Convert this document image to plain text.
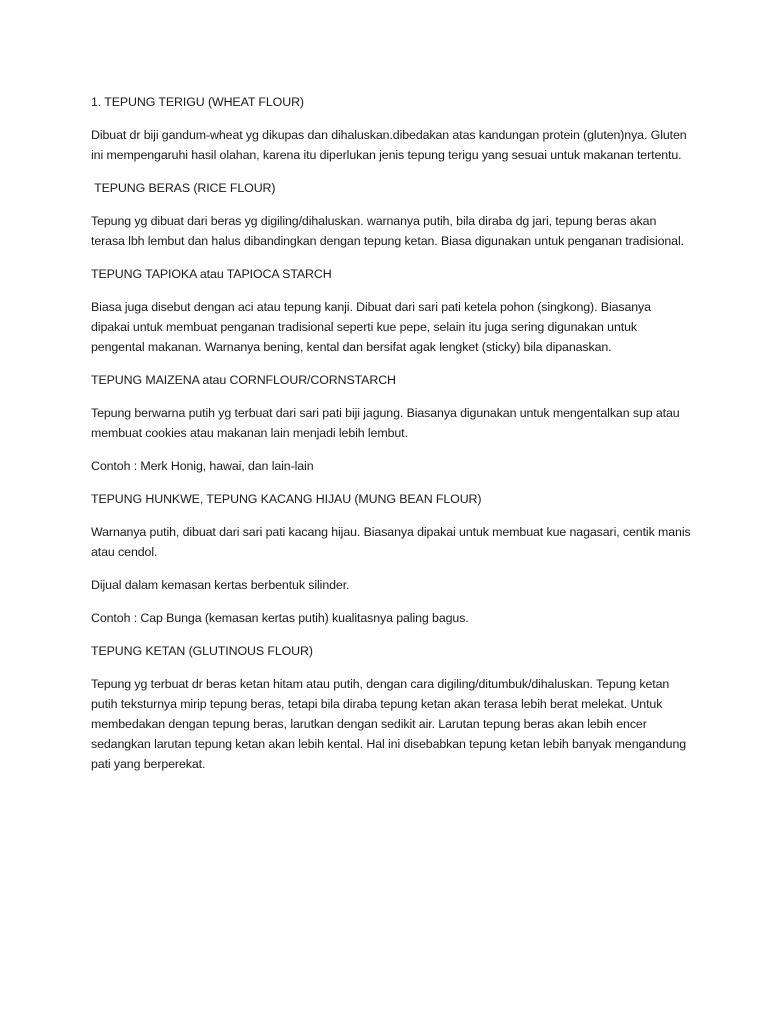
1. TEPUNG TERIGU (WHEAT FLOUR)

Dibuat dr biji gandum-wheat yg dikupas dan dihaluskan.dibedakan atas kandungan protein (gluten)nya. Gluten ini mempengaruhi hasil olahan, karena itu diperlukan jenis tepung terigu yang sesuai untuk makanan tertentu.

TEPUNG BERAS (RICE FLOUR)

Tepung yg dibuat dari beras yg digiling/dihaluskan. warnanya putih, bila diraba dg jari, tepung beras akan terasa lbh lembut dan halus dibandingkan dengan tepung ketan. Biasa digunakan untuk penganan tradisional.

TEPUNG TAPIOKA atau TAPIOCA STARCH

Biasa juga disebut dengan aci atau tepung kanji. Dibuat dari sari pati ketela pohon (singkong). Biasanya dipakai untuk membuat penganan tradisional seperti kue pepe, selain itu juga sering digunakan untuk pengental makanan. Warnanya bening, kental dan bersifat agak lengket (sticky) bila dipanaskan.

TEPUNG MAIZENA atau CORNFLOUR/CORNSTARCH

Tepung berwarna putih yg terbuat dari sari pati biji jagung. Biasanya digunakan untuk mengentalkan sup atau membuat cookies atau makanan lain menjadi lebih lembut.

Contoh : Merk Honig, hawai, dan lain-lain

TEPUNG HUNKWE, TEPUNG KACANG HIJAU (MUNG BEAN FLOUR)

Warnanya putih, dibuat dari sari pati kacang hijau. Biasanya dipakai untuk membuat kue nagasari, centik manis atau cendol.

Dijual dalam kemasan kertas berbentuk silinder.

Contoh : Cap Bunga (kemasan kertas putih) kualitasnya paling bagus.

TEPUNG KETAN (GLUTINOUS FLOUR)

Tepung yg terbuat dr beras ketan hitam atau putih, dengan cara digiling/ditumbuk/dihaluskan. Tepung ketan putih teksturnya mirip tepung beras, tetapi bila diraba tepung ketan akan terasa lebih berat melekat. Untuk membedakan dengan tepung beras, larutkan dengan sedikit air. Larutan tepung beras akan lebih encer sedangkan larutan tepung ketan akan lebih kental. Hal ini disebabkan tepung ketan lebih banyak mengandung pati yang berperekat.
